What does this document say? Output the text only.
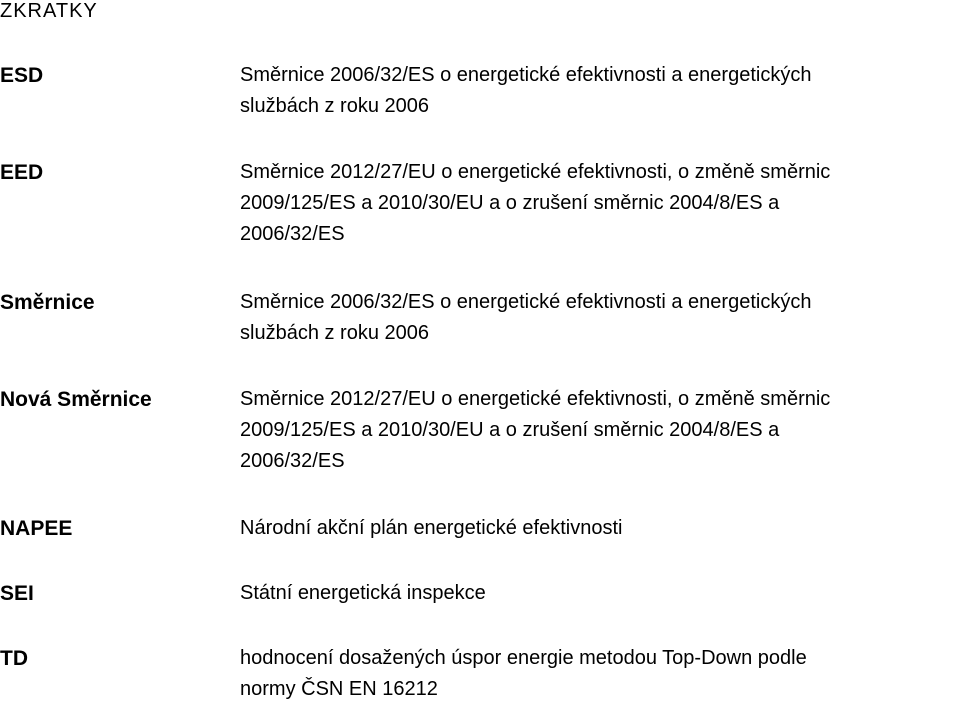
ZKRATKY
ESD	Směrnice 2006/32/ES o energetické efektivnosti a energetických
službách z roku 2006
EED	Směrnice 2012/27/EU o energetické efektivnosti, o změně směrnic
2009/125/ES a 2010/30/EU a o zrušení směrnic 2004/8/ES a
2006/32/ES
Směrnice	Směrnice 2006/32/ES o energetické efektivnosti a energetických
službách z roku 2006
Nová Směrnice	Směrnice 2012/27/EU o energetické efektivnosti, o změně směrnic
2009/125/ES a 2010/30/EU a o zrušení směrnic 2004/8/ES a
2006/32/ES
NAPEE	Národní akční plán energetické efektivnosti
SEI	Státní energetická inspekce
TD	hodnocení dosažených úspor energie metodou Top-Down podle
normy ČSN EN 16212
